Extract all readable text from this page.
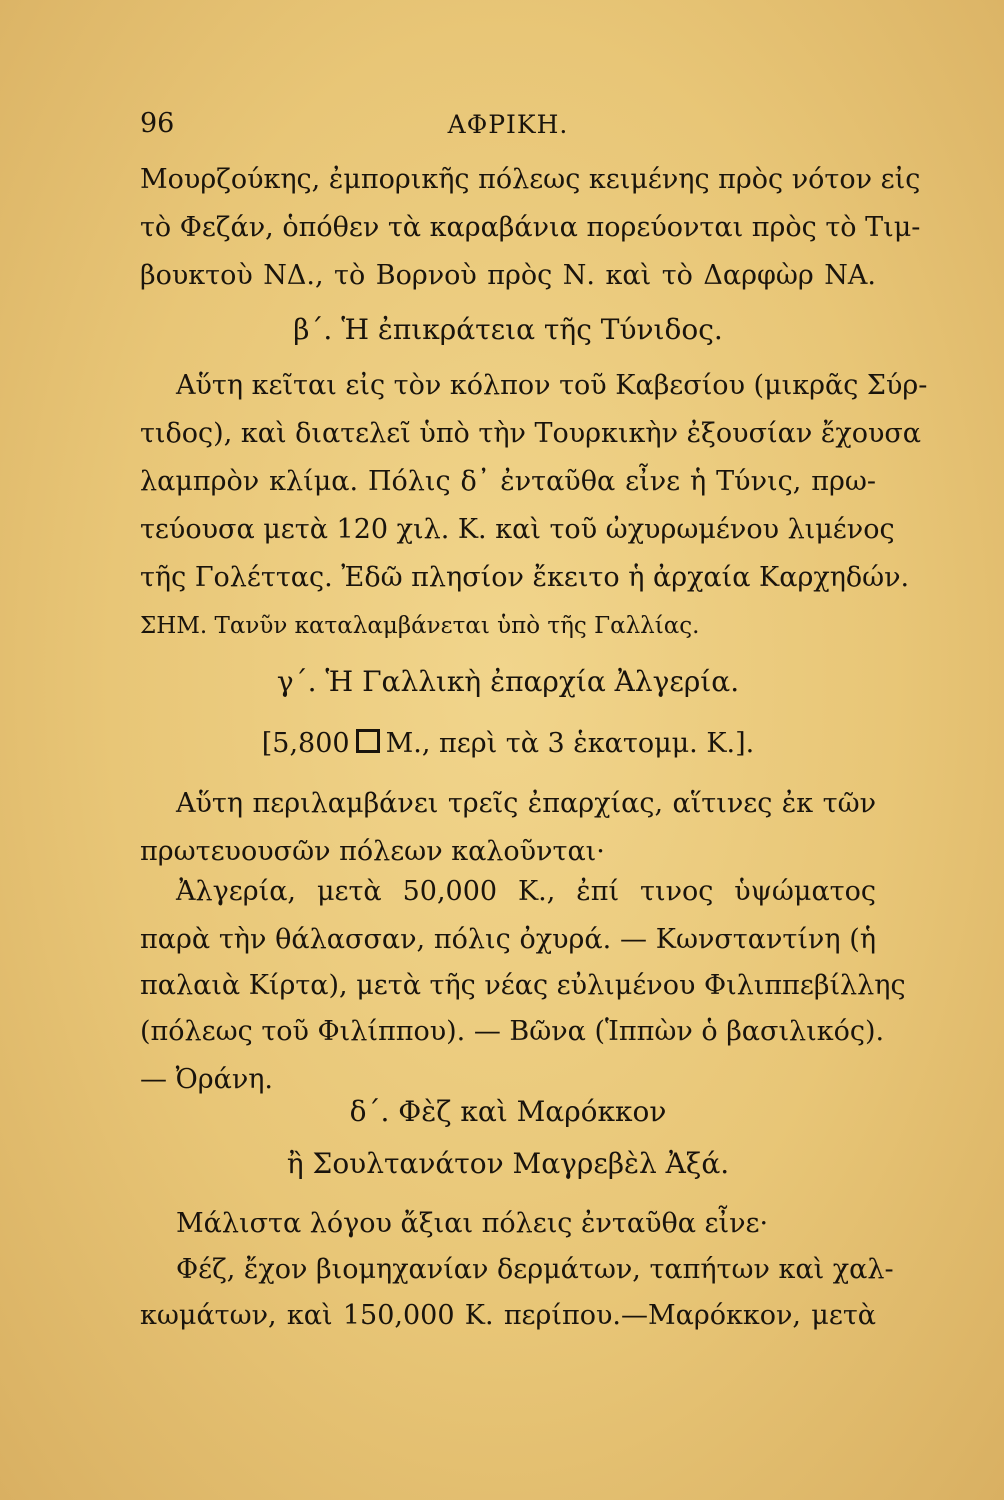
96	ΑΦΡΙΚΗ.
Μουρζούκης, ἐμπορικῆς πόλεως κειμένης πρὸς νότον εἰς
τὸ Φεζάν, ὁπόθεν τὰ καραβάνια πορεύονται πρὸς τὸ Τιμ-
βουκτοὺ ΝΔ., τὸ Βορνοὺ πρὸς Ν. καὶ τὸ Δαρφὼρ ΝΑ.
β΄. Ἡ ἐπικράτεια τῆς Τύνιδος.
Αὕτη κεῖται εἰς τὸν κόλπον τοῦ Καβεσίου (μικρᾶς Σύρ-
τιδος), καὶ διατελεῖ ὑπὸ τὴν Τουρκικὴν ἐξουσίαν ἔχουσα
λαμπρὸν κλίμα. Πόλις δ᾽ ἐνταῦθα εἶνε ἡ Τύνις, πρω-
τεύουσα μετὰ 120 χιλ. Κ. καὶ τοῦ ὠχυρωμένου λιμένος
τῆς Γολέττας. Ἐδῶ πλησίον ἔκειτο ἡ ἀρχαία Καρχηδών.
ΣΗΜ. Τανῦν καταλαμβάνεται ὑπὸ τῆς Γαλλίας.
γ΄. Ἡ Γαλλικὴ ἐπαρχία Ἀλγερία.
[5,800 Μ., περὶ τὰ 3 ἑκατομμ. Κ.].
Αὕτη περιλαμβάνει τρεῖς ἐπαρχίας, αἵτινες ἐκ τῶν
πρωτευουσῶν πόλεων καλοῦνται·
Ἀλγερία, μετὰ 50,000 Κ., ἐπί τινος ὑψώματος
παρὰ τὴν θάλασσαν, πόλις ὀχυρά. — Κωνσταντίνη (ἡ
παλαιὰ Κίρτα), μετὰ τῆς νέας εὐλιμένου Φιλιππεβίλλης
(πόλεως τοῦ Φιλίππου). — Βῶνα (Ἱππὼν ὁ βασιλικός).
— Ὀράνη.
δ΄. Φὲζ καὶ Μαρόκκον
ἢ Σουλτανάτον Μαγρεβὲλ Ἀξά.
Μάλιστα λόγου ἄξιαι πόλεις ἐνταῦθα εἶνε·
Φέζ, ἔχον βιομηχανίαν δερμάτων, ταπήτων καὶ χαλ-
κωμάτων, καὶ 150,000 Κ. περίπου.—Μαρόκκον, μετὰ
